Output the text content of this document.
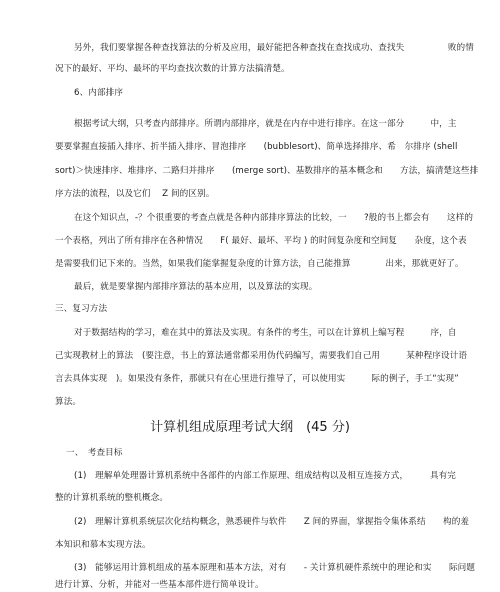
另外，我们要掌握各种查找算法的分析及应用，最好能把各种查找在查找成功、查找失　　　　　败的情
况下的最好、平均、最坏的平均查找次数的计算方法搞清楚。
6、内部排序
根据考试大纲，只考查内部排序。所谓内部排序，就是在内存中进行排序。在这一部分　　　中，主
要要掌握直接插入排序、折半插入排序、冒泡排序　　(bubblesort)、简单选择排序、希　尔排序 (shell
sort)＞快速排序、堆排序、二路归并排序　　(merge sort)、基数排序的基本概念和　　方法，搞清楚这些排
序方法的流程，以及它们　 Z 间的区别。
在这个知识点，-？个很重要的考查点就是各种内部排序算法的比较，一　　?般的书上都会有　　这样的
一个表格，列出了所有排序在各种情况　　F( 最好、最坏、平均 ) 的时间复杂度和空间复　　杂度，这个表
是需要我们记下来的。当然，如果我们能掌握复杂度的计算方法，自己能推算　　　　出来，那就更好了。
最后，就是要掌握内部排序算法的基本应用，以及算法的实现。
三、复习方法
对于数据结构的学习，难在其中的算法及实现。有条件的考生，可以在计算机上编写程　　　序，自
己实现教材上的算法　(要注意，书上的算法通常都采用伪代码编写，需要我们自己用　　　某种程序设计语
言去具体实现　)。如果没有条件，那就只有在心里进行推导了，可以使用实　　　际的例子，手工“实现”
算法。
计算机组成原理考试大纲　(45 分)
一、　考查目标
(1)　理解单处理器计算机系统中各部件的内部工作原理、组成结构以及相互连接方式，　　　具有完
整的计算机系统的整机概念。
(2)　理解计算机系统层次化结构概念，熟悉硬件与软件　　Z 间的界面，掌握指令集体系结　　构的羞
本知识和慕本实现方法。
(3)　能够运用计算机组成的基本原理和基本方法，对有　　- 关计算机硬件系统中的理论和实　　际问题
进行计算、分析，并能对一些基本部件进行简单设计。
